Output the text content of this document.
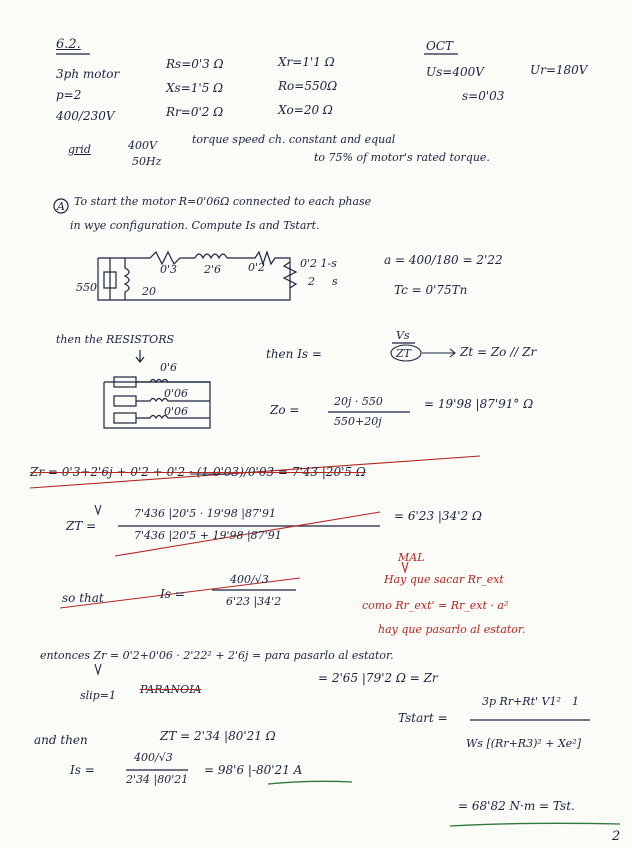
6.2.
3ph motor
p=2
400/230V
Rs=0'3 Ω
Xs=1'5 Ω
Rr=0'2 Ω
Xr=1'1 Ω
Ro=550Ω
Xo=20 Ω
OCT
Us=400V	Ur=180V
s=0'03
grid	400V
50Hz
torque speed ch. constant and equal
to 75% of motor's rated torque.
A To start the motor R=0'06Ω connected to each phase
in wye configuration. Compute Is and Tstart.
0'3 2'6 0'2	0'2 1-s
2 s
550	20
a = 400/180 = 2'22
Tc = 0'75Tn
then the RESISTORS
0'6
0'06
0'06
then Is =
Vs
ZT	Zt = Zo // Zr
Zo =
20j · 550
550+20j
= 19'98 |87'91° Ω
Zr = 0'3+2'6j + 0'2 + 0'2 · (1-0'03)/0'03 = 7'43 |20'5 Ω
ZT =
7'436 |20'5 · 19'98 |87'91
7'436 |20'5 + 19'98 |87'91
= 6'23 |34'2 Ω
so that	Is =
400/√3
6'23 |34'2
MAL
Hay que sacar Rr_ext
como Rr_ext' = Rr_ext · a²
hay que pasarlo al estator.
entonces Zr = 0'2+0'06 · 2'22² + 2'6j = para pasarlo al estator.
slip=1 PARANOIA
= 2'65 |79'2 Ω = Zr
and then	ZT = 2'34 |80'21 Ω
Tstart =
3p Rr+Rt' V1² 1
Ws [(Rr+R3)² + Xe²]
Is =
400/√3
2'34 |80'21
= 98'6 |-80'21 A
= 68'82 N·m = Tst.
2
